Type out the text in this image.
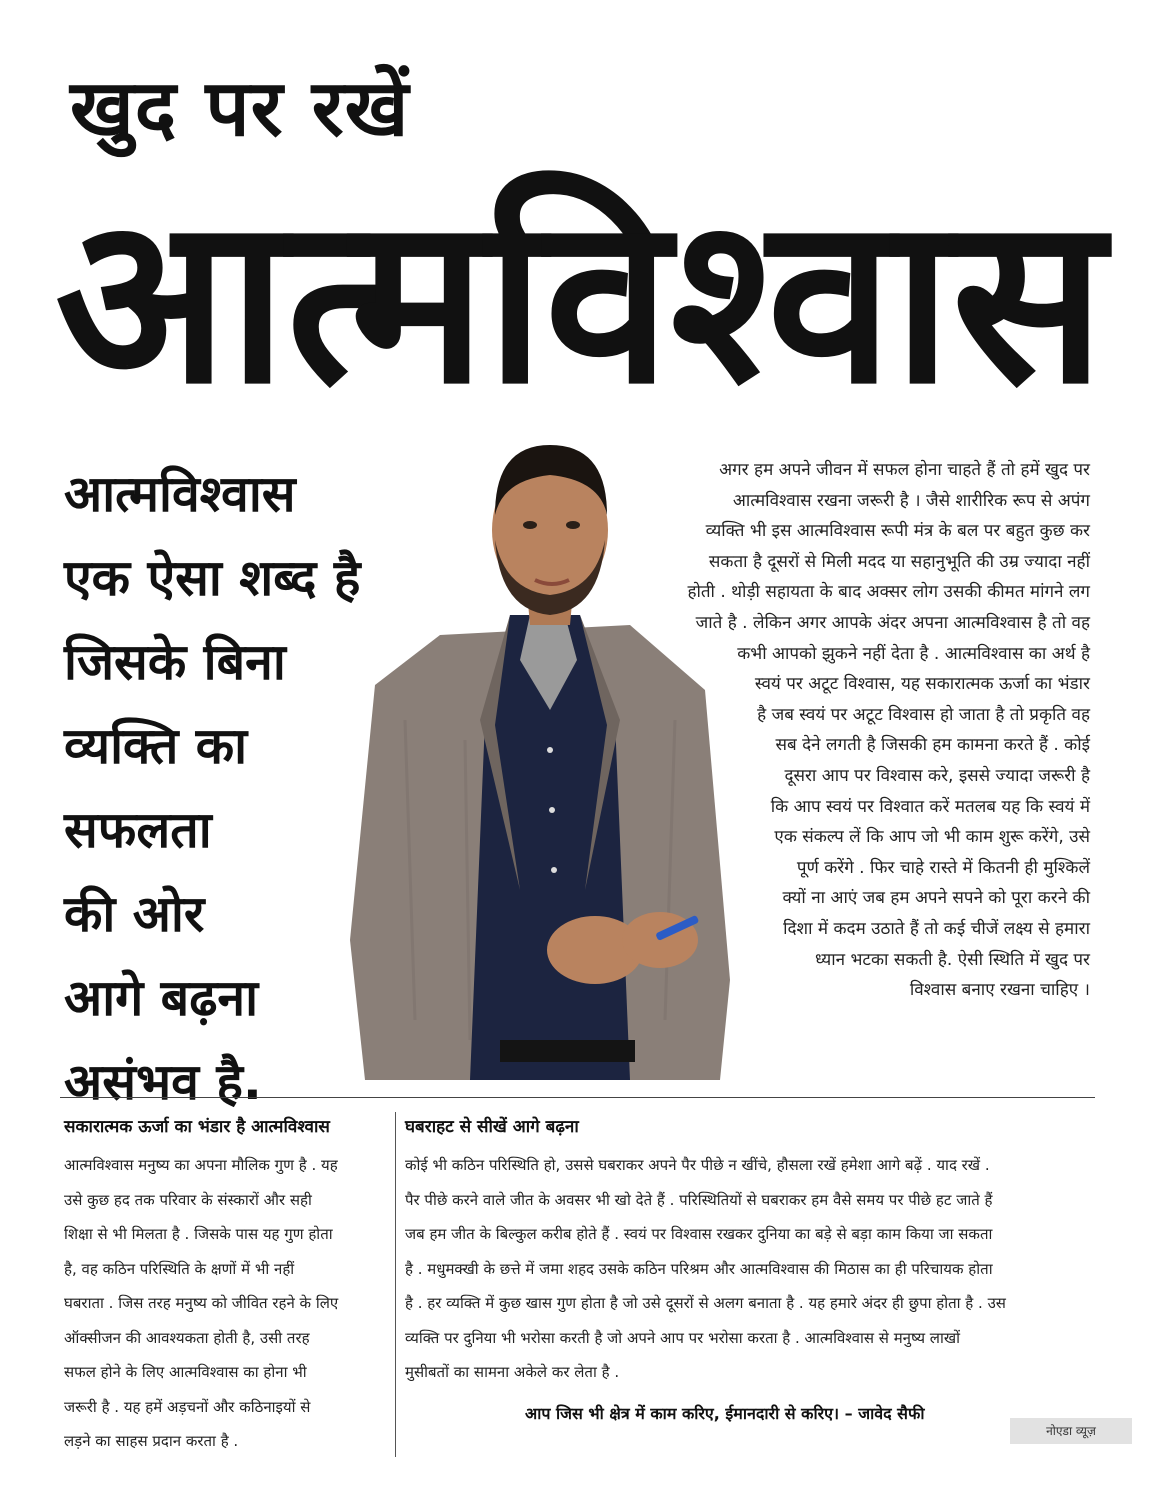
खुद पर रखें
आत्मविश्वास
आत्मविश्वास
एक ऐसा शब्द है
जिसके बिना
व्यक्ति का
सफलता
की ओर
आगे बढ़ना
असंभव है.
अगर हम अपने जीवन में सफल होना चाहते हैं तो हमें खुद पर
आत्मविश्वास रखना जरूरी है । जैसे शारीरिक रूप से अपंग
व्यक्ति भी इस आत्मविश्वास रूपी मंत्र के बल पर बहुत कुछ कर
सकता है दूसरों से मिली मदद या सहानुभूति की उम्र ज्यादा नहीं
होती . थोड़ी सहायता के बाद अक्सर लोग उसकी कीमत मांगने लग
जाते है . लेकिन अगर आपके अंदर अपना आत्मविश्वास है तो वह
कभी आपको झुकने नहीं देता है . आत्मविश्वास का अर्थ है
स्वयं पर अटूट विश्वास, यह सकारात्मक ऊर्जा का भंडार
है जब स्वयं पर अटूट विश्वास हो जाता है तो प्रकृति वह
सब देने लगती है जिसकी हम कामना करते हैं . कोई
दूसरा आप पर विश्वास करे, इससे ज्यादा जरूरी है
कि आप स्वयं पर विश्वात करें मतलब यह कि स्वयं में
एक संकल्प लें कि आप जो भी काम शुरू करेंगे, उसे
पूर्ण करेंगे . फिर चाहे रास्ते में कितनी ही मुश्किलें
क्यों ना आएं जब हम अपने सपने को पूरा करने की
दिशा में कदम उठाते हैं तो कई चीजें लक्ष्य से हमारा
ध्यान भटका सकती है. ऐसी स्थिति में खुद पर
विश्वास बनाए रखना चाहिए ।
सकारात्मक ऊर्जा का भंडार है आत्मविश्वास
आत्मविश्वास मनुष्य का अपना मौलिक गुण है . यह
उसे कुछ हद तक परिवार के संस्कारों और सही
शिक्षा से भी मिलता है . जिसके पास यह गुण होता
है, वह कठिन परिस्थिति के क्षणों में भी नहीं
घबराता . जिस तरह मनुष्य को जीवित रहने के लिए
ऑक्सीजन की आवश्यकता होती है, उसी तरह
सफल होने के लिए आत्मविश्वास का होना भी
जरूरी है . यह हमें अड़चनों और कठिनाइयों से
लड़ने का साहस प्रदान करता है .
घबराहट से सीखें आगे बढ़ना
कोई भी कठिन परिस्थिति हो, उससे घबराकर अपने पैर पीछे न खींचे, हौसला रखें हमेशा आगे बढ़ें . याद रखें .
पैर पीछे करने वाले जीत के अवसर भी खो देते हैं . परिस्थितियों से घबराकर हम वैसे समय पर पीछे हट जाते हैं
जब हम जीत के बिल्कुल करीब होते हैं . स्वयं पर विश्वास रखकर दुनिया का बड़े से बड़ा काम किया जा सकता
है . मधुमक्खी के छत्ते में जमा शहद उसके कठिन परिश्रम और आत्मविश्वास की मिठास का ही परिचायक होता
है . हर व्यक्ति में कुछ खास गुण होता है जो उसे दूसरों से अलग बनाता है . यह हमारे अंदर ही छुपा होता है . उस
व्यक्ति पर दुनिया भी भरोसा करती है जो अपने आप पर भरोसा करता है . आत्मविश्वास से मनुष्य लाखों
मुसीबतों का सामना अकेले कर लेता है .
आप जिस भी क्षेत्र में काम करिए, ईमानदारी से करिए। – जावेद सैफी
नोएडा व्यूज़
